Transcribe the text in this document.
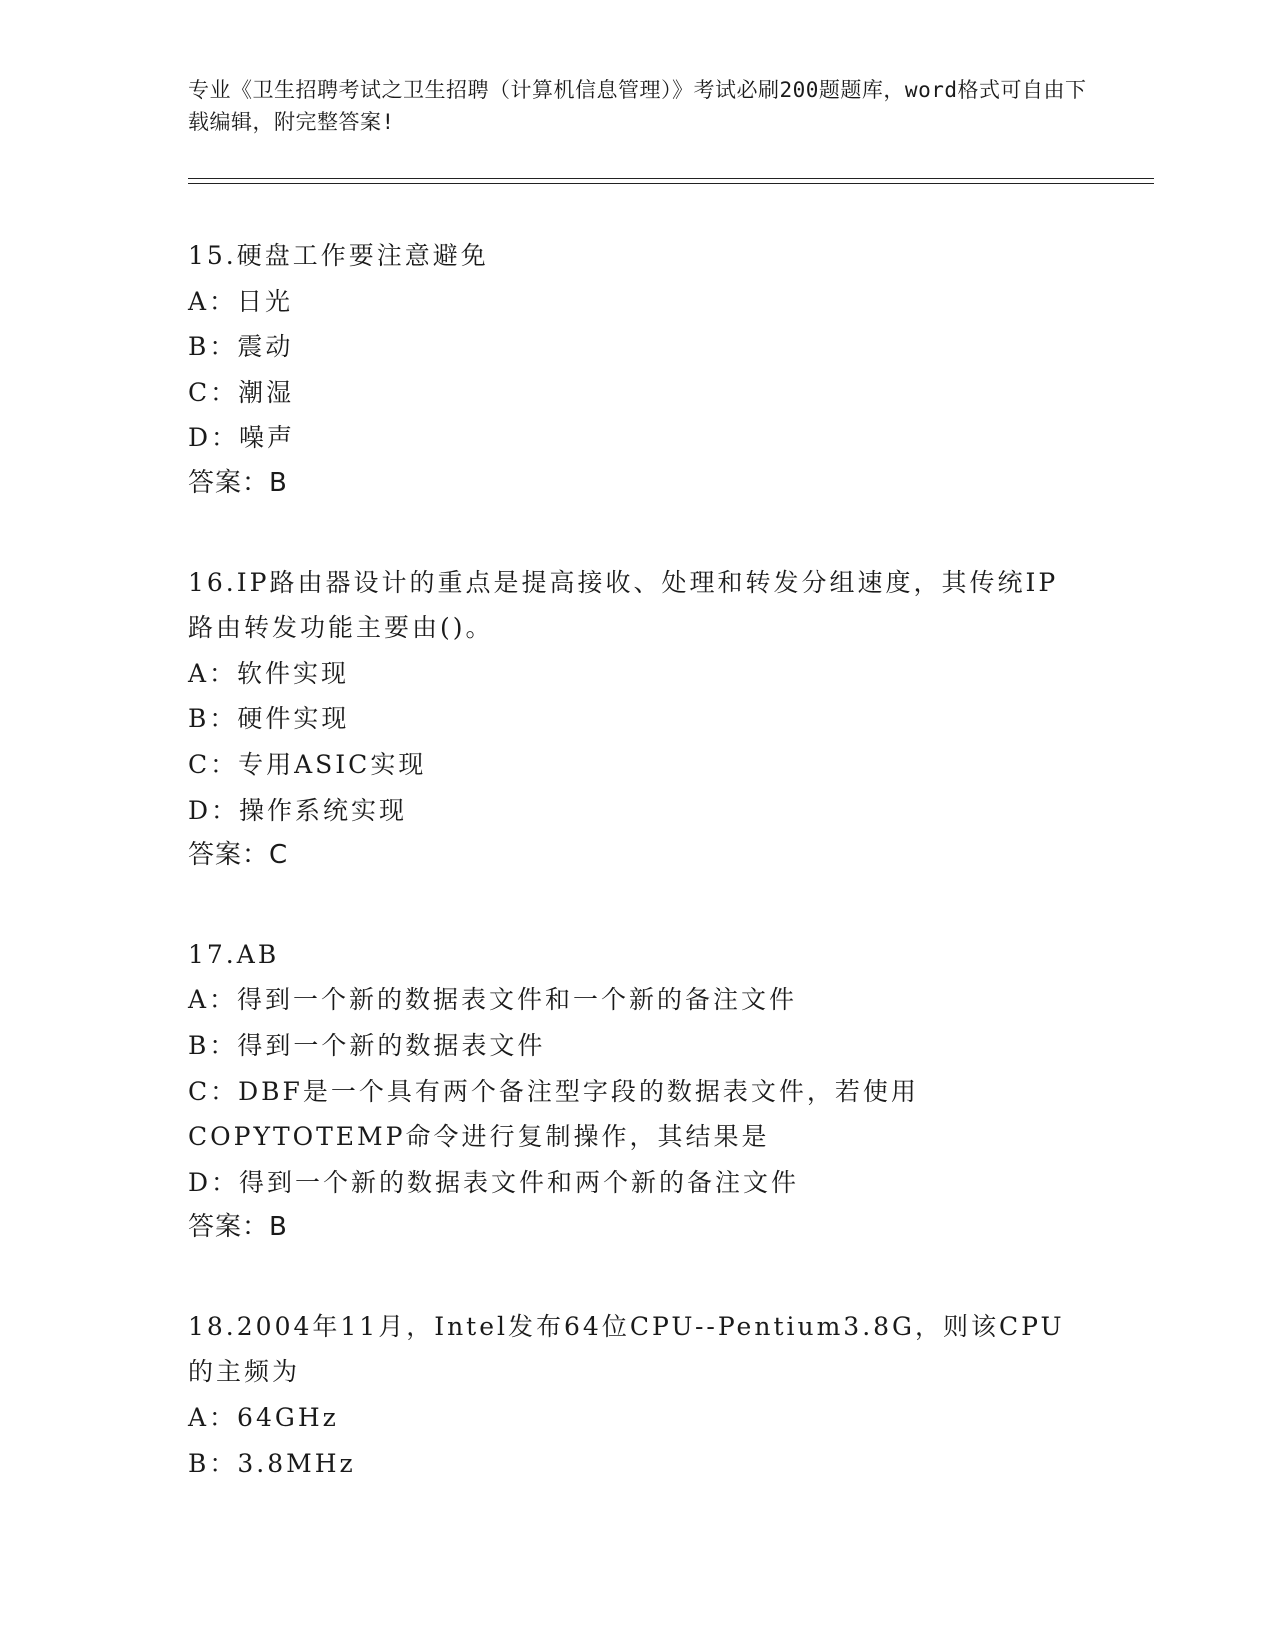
专业《卫生招聘考试之卫生招聘（计算机信息管理）》考试必刷200题题库，word格式可自由下载编辑，附完整答案!
15.硬盘工作要注意避免
A：日光
B：震动
C：潮湿
D：噪声
答案：B
16.IP路由器设计的重点是提高接收、处理和转发分组速度，其传统IP路由转发功能主要由()。
A：软件实现
B：硬件实现
C：专用ASIC实现
D：操作系统实现
答案：C
17.AB
A：得到一个新的数据表文件和一个新的备注文件
B：得到一个新的数据表文件
C：DBF是一个具有两个备注型字段的数据表文件，若使用COPYTOTEMP命令进行复制操作，其结果是
D：得到一个新的数据表文件和两个新的备注文件
答案：B
18.2004年11月，Intel发布64位CPU--Pentium3.8G，则该CPU的主频为
A：64GHz
B：3.8MHz
